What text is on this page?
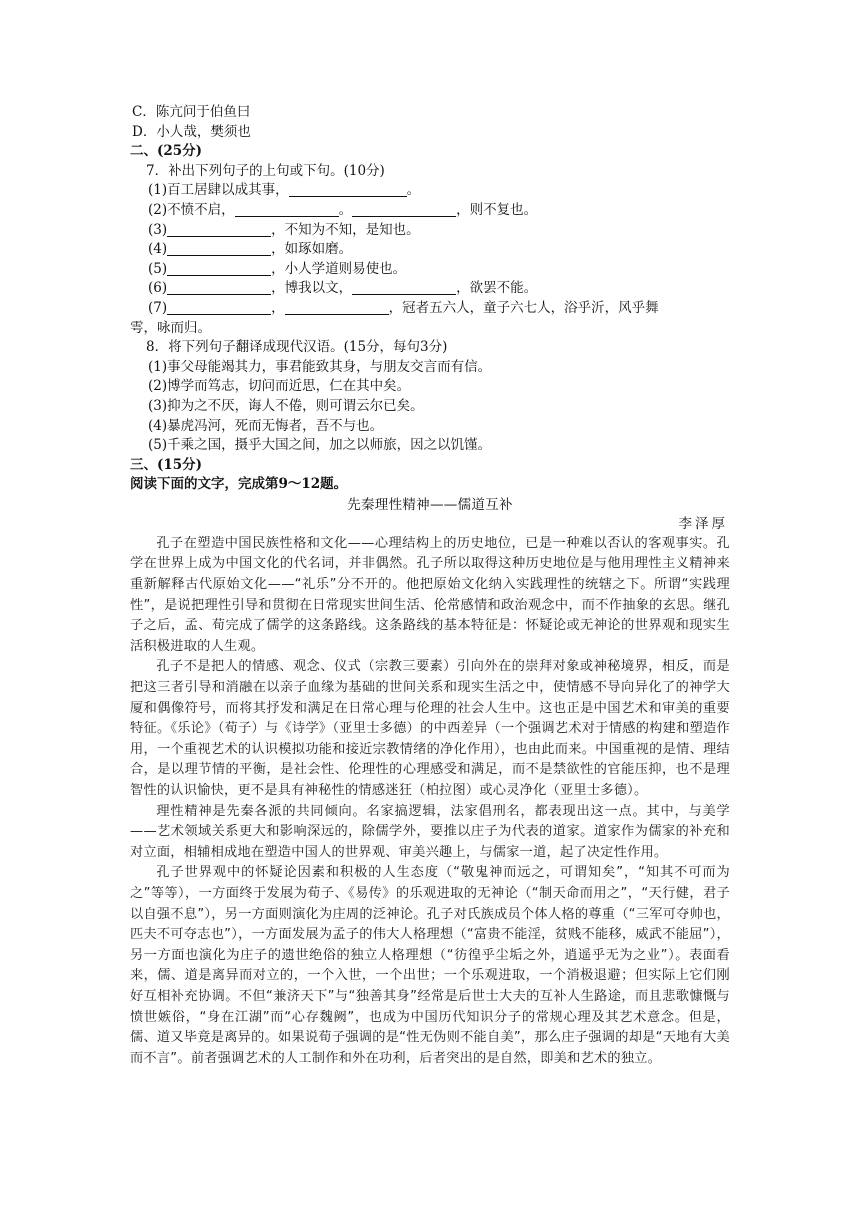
C．陈亢问于伯鱼曰
D．小人哉，樊须也
二、(25分)
7．补出下列句子的上句或下句。(10分)
(1)百工居肆以成其事，	。
(2)不愤不启，	。	，则不复也。
(3)	，不知为不知，是知也。
(4)	，如琢如磨。
(5)	，小人学道则易使也。
(6)	，博我以文，	，欲罢不能。
(7)	，	，冠者五六人，童子六七人，浴乎沂，风乎舞
雩，咏而归。
8．将下列句子翻译成现代汉语。(15分，每句3分)
(1)事父母能竭其力，事君能致其身，与朋友交言而有信。
(2)博学而笃志，切问而近思，仁在其中矣。
(3)抑为之不厌，诲人不倦，则可谓云尔已矣。
(4)暴虎冯河，死而无悔者，吾不与也。
(5)千乘之国，摄乎大国之间，加之以师旅，因之以饥馑。
三、(15分)
阅读下面的文字，完成第9～12题。
先秦理性精神——儒道互补
李泽厚

孔子在塑造中国民族性格和文化——心理结构上的历史地位，已是一种难以否认的客观事实。孔学在世界上成为中国文化的代名词，并非偶然。孔子所以取得这种历史地位是与他用理性主义精神来重新解释古代原始文化——“礼乐”分不开的。他把原始文化纳入实践理性的统辖之下。所谓“实践理性”，是说把理性引导和贯彻在日常现实世间生活、伦常感情和政治观念中，而不作抽象的玄思。继孔子之后，孟、荀完成了儒学的这条路线。这条路线的基本特征是：怀疑论或无神论的世界观和现实生活积极进取的人生观。

孔子不是把人的情感、观念、仪式（宗教三要素）引向外在的崇拜对象或神秘境界，相反，而是把这三者引导和消融在以亲子血缘为基础的世间关系和现实生活之中，使情感不导向异化了的神学大厦和偶像符号，而将其抒发和满足在日常心理与伦理的社会人生中。这也正是中国艺术和审美的重要特征。《乐论》（荀子）与《诗学》（亚里士多德）的中西差异（一个强调艺术对于情感的构建和塑造作用，一个重视艺术的认识模拟功能和接近宗教情绪的净化作用），也由此而来。中国重视的是情、理结合，是以理节情的平衡，是社会性、伦理性的心理感受和满足，而不是禁欲性的官能压抑，也不是理智性的认识愉快，更不是具有神秘性的情感迷狂（柏拉图）或心灵净化（亚里士多德）。

理性精神是先秦各派的共同倾向。名家搞逻辑，法家倡刑名，都表现出这一点。其中，与美学——艺术领域关系更大和影响深远的，除儒学外，要推以庄子为代表的道家。道家作为儒家的补充和对立面，相辅相成地在塑造中国人的世界观、审美兴趣上，与儒家一道，起了决定性作用。

孔子世界观中的怀疑论因素和积极的人生态度（“敬鬼神而远之，可谓知矣”，“知其不可而为之”等等），一方面终于发展为荀子、《易传》的乐观进取的无神论（“制天命而用之”，“天行健，君子以自强不息”），另一方面则演化为庄周的泛神论。孔子对氏族成员个体人格的尊重（“三军可夺帅也，匹夫不可夺志也”），一方面发展为孟子的伟大人格理想（“富贵不能淫，贫贱不能移，威武不能屈”），另一方面也演化为庄子的遗世绝俗的独立人格理想（“彷徨乎尘垢之外，逍遥乎无为之业”）。表面看来，儒、道是离异而对立的，一个入世，一个出世；一个乐观进取，一个消极退避；但实际上它们刚好互相补充协调。不但“兼济天下”与“独善其身”经常是后世士大夫的互补人生路途，而且悲歌慷慨与愤世嫉俗，“身在江湖”而“心存魏阙”，也成为中国历代知识分子的常规心理及其艺术意念。但是，儒、道又毕竟是离异的。如果说荀子强调的是“性无伪则不能自美”，那么庄子强调的却是“天地有大美而不言”。前者强调艺术的人工制作和外在功利，后者突出的是自然，即美和艺术的独立。
